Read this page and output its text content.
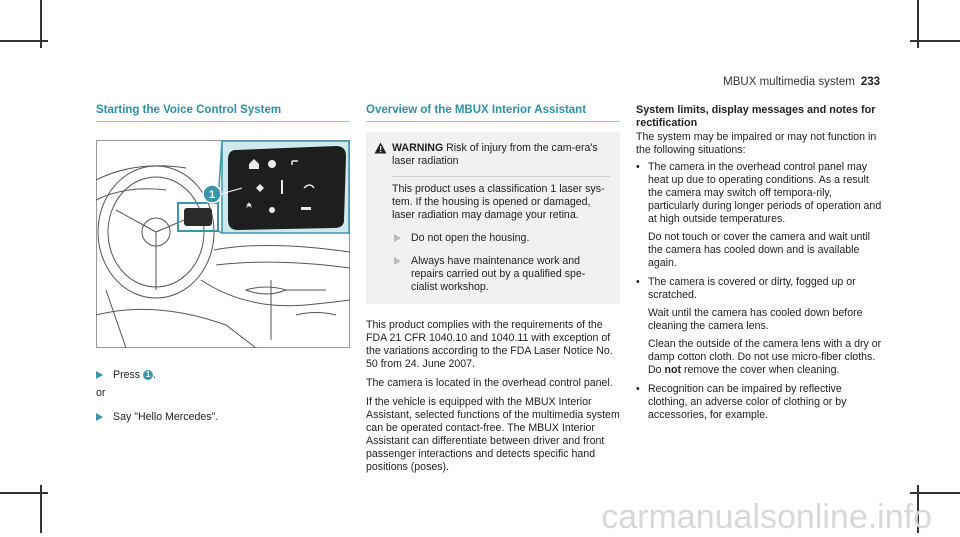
MBUX multimedia system 233
Starting the Voice Control System
1
Press 1 .

or

Say "Hello Mercedes".
Overview of the MBUX Interior Assistant
WARNING Risk of injury from the cam-era's laser radiation

This product uses a classification 1 laser sys-tem. If the housing is opened or damaged, laser radiation may damage your retina.

Do not open the housing.
Always have maintenance work and repairs carried out by a qualified spe-cialist workshop.

This product complies with the requirements of the FDA 21 CFR 1040.10 and 1040.11 with exception of the variations according to the FDA Laser Notice No. 50 from 24. June 2007.

The camera is located in the overhead control panel.

If the vehicle is equipped with the MBUX Interior Assistant, selected functions of the multimedia system can be operated contact-free. The MBUX Interior Assistant can differentiate between driver and front passenger interactions and detects specific hand positions (poses).

System limits, display messages and notes for rectification

The system may be impaired or may not function in the following situations:

• The camera in the overhead control panel may heat up due to operating conditions. As a result the camera may switch off tempora-rily, particularly during longer periods of operation and at high outside temperatures.

Do not touch or cover the camera and wait until the camera has cooled down and is available again.

• The camera is covered or dirty, fogged up or scratched.

Wait until the camera has cooled down before cleaning the camera lens.

Clean the outside of the camera lens with a dry or damp cotton cloth. Do not use micro-fiber cloths. Do not remove the cover when cleaning.

• Recognition can be impaired by reflective clothing, an adverse color of clothing or by accessories, for example.

carmanualsonline.info
